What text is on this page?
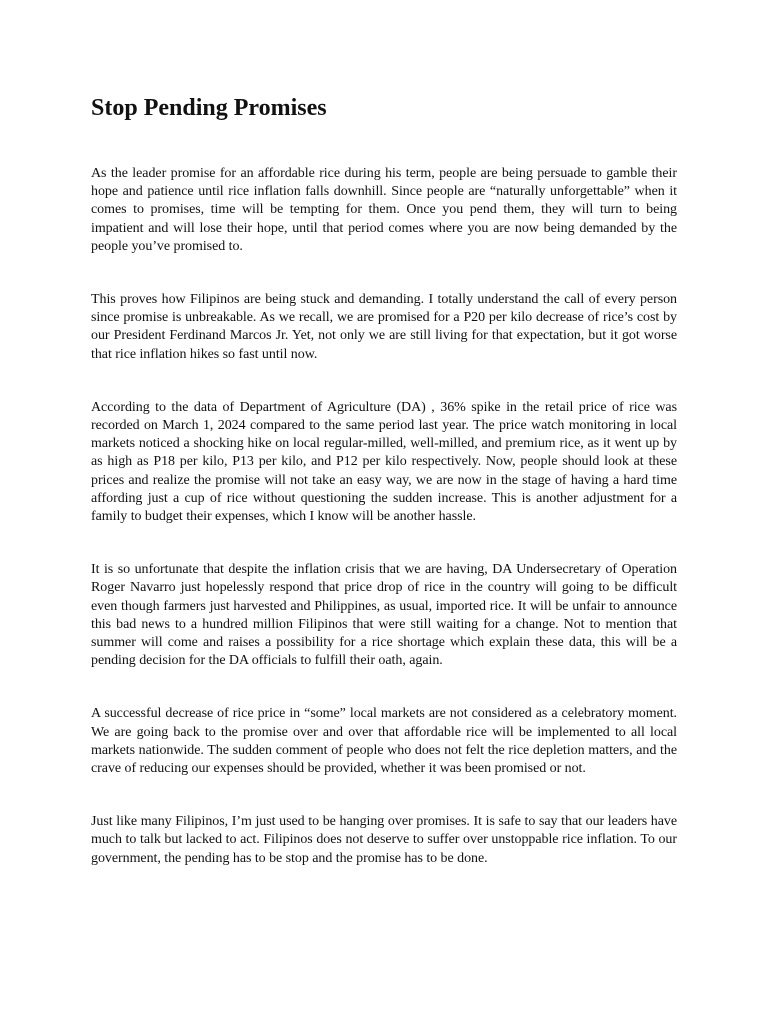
Stop Pending Promises

As the leader promise for an affordable rice during his term, people are being persuade to gamble their hope and patience until rice inflation falls downhill. Since people are “naturally unforgettable” when it comes to promises, time will be tempting for them. Once you pend them, they will turn to being impatient and will lose their hope, until that period comes where you are now being demanded by the people you’ve promised to.

This proves how Filipinos are being stuck and demanding. I totally understand the call of every person since promise is unbreakable. As we recall, we are promised for a P20 per kilo decrease of rice’s cost by our President Ferdinand Marcos Jr. Yet, not only we are still living for that expectation, but it got worse that rice inflation hikes so fast until now.

According to the data of Department of Agriculture (DA) , 36% spike in the retail price of rice was recorded on March 1, 2024 compared to the same period last year. The price watch monitoring in local markets noticed a shocking hike on local regular-milled, well-milled, and premium rice, as it went up by as high as P18 per kilo, P13 per kilo, and P12 per kilo respectively. Now, people should look at these prices and realize the promise will not take an easy way, we are now in the stage of having a hard time affording just a cup of rice without questioning the sudden increase. This is another adjustment for a family to budget their expenses, which I know will be another hassle.

It is so unfortunate that despite the inflation crisis that we are having, DA Undersecretary of Operation Roger Navarro just hopelessly respond that price drop of rice in the country will going to be difficult even though farmers just harvested and Philippines, as usual, imported rice. It will be unfair to announce this bad news to a hundred million Filipinos that were still waiting for a change. Not to mention that summer will come and raises a possibility for a rice shortage which explain these data, this will be a pending decision for the DA officials to fulfill their oath, again.

A successful decrease of rice price in “some” local markets are not considered as a celebratory moment. We are going back to the promise over and over that affordable rice will be implemented to all local markets nationwide. The sudden comment of people who does not felt the rice depletion matters, and the crave of reducing our expenses should be provided, whether it was been promised or not.

Just like many Filipinos, I’m just used to be hanging over promises. It is safe to say that our leaders have much to talk but lacked to act. Filipinos does not deserve to suffer over unstoppable rice inflation. To our government, the pending has to be stop and the promise has to be done.
